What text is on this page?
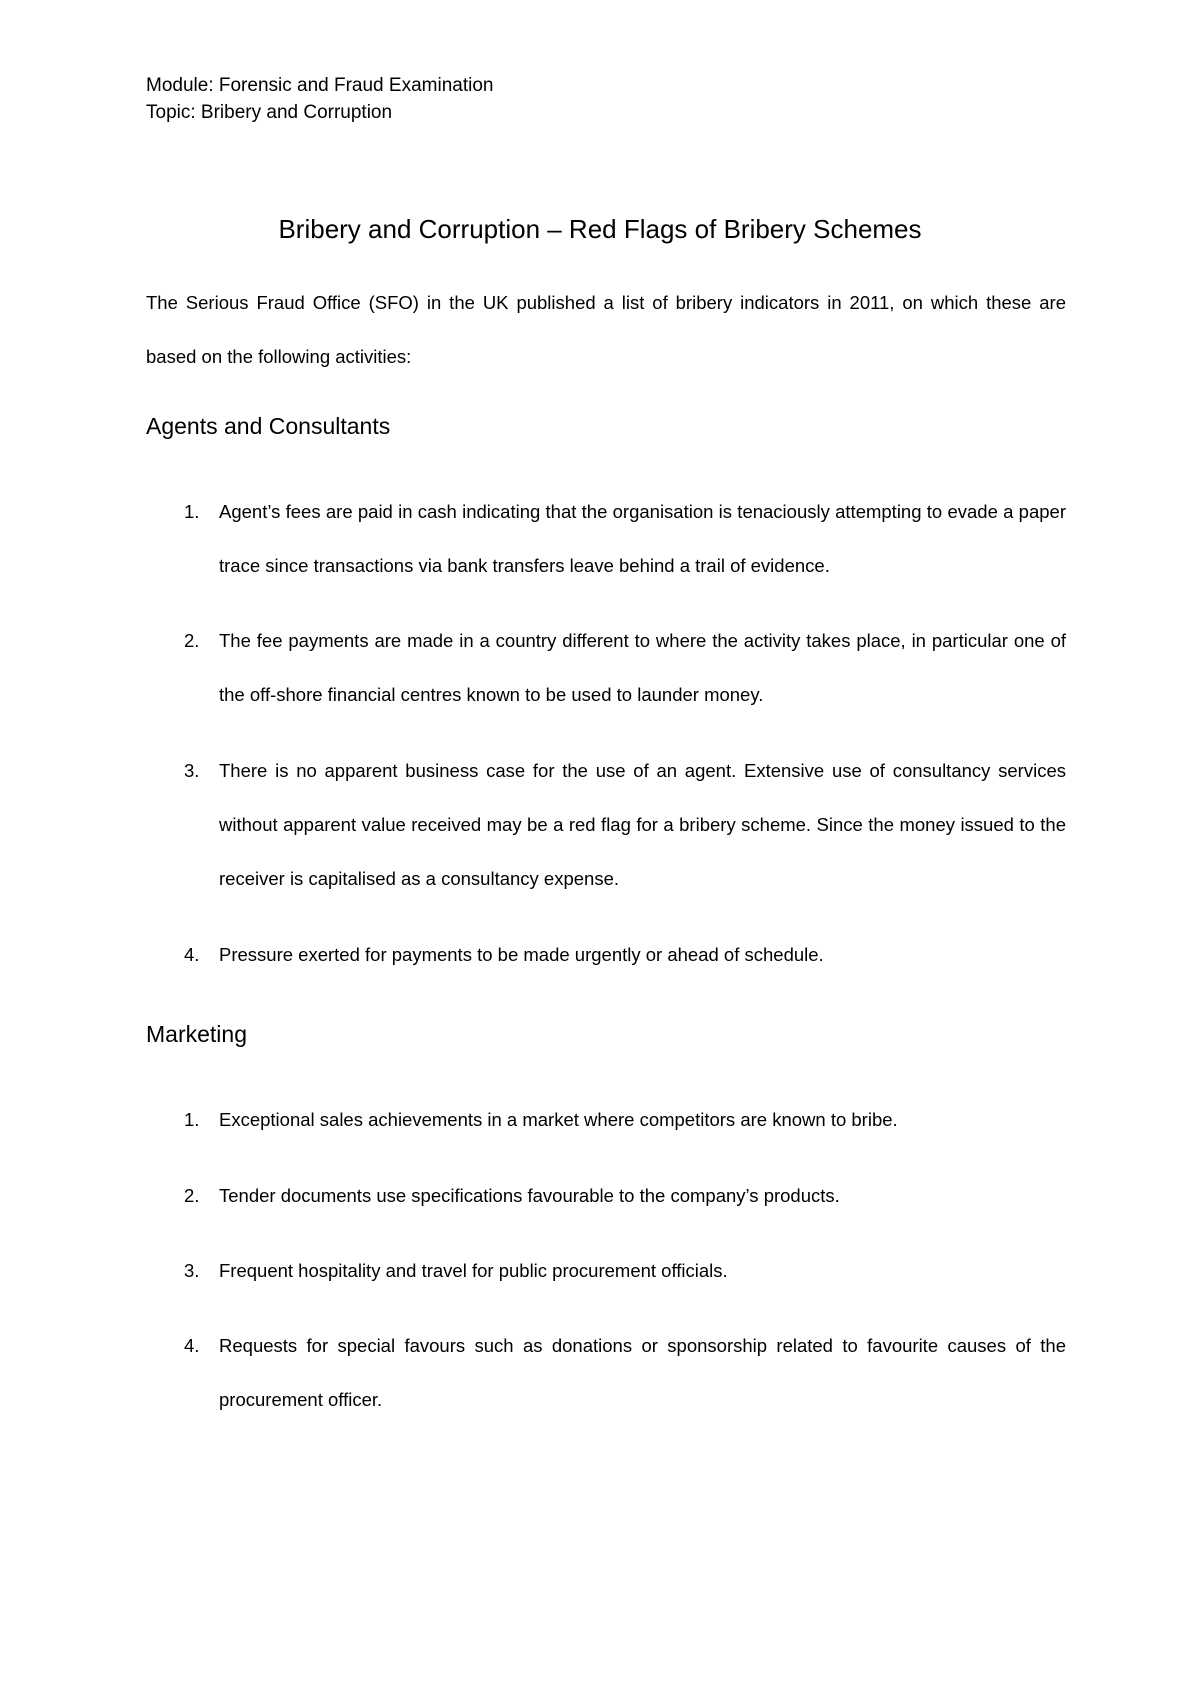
Module: Forensic and Fraud Examination
Topic: Bribery and Corruption
Bribery and Corruption – Red Flags of Bribery Schemes

The Serious Fraud Office (SFO) in the UK published a list of bribery indicators in 2011, on which these are based on the following activities:

Agents and Consultants
1.	Agent’s fees are paid in cash indicating that the organisation is tenaciously attempting to evade a paper trace since transactions via bank transfers leave behind a trail of evidence.
2.	The fee payments are made in a country different to where the activity takes place, in particular one of the off-shore financial centres known to be used to launder money.
3.	There is no apparent business case for the use of an agent. Extensive use of consultancy services without apparent value received may be a red flag for a bribery scheme. Since the money issued to the receiver is capitalised as a consultancy expense.
4.	Pressure exerted for payments to be made urgently or ahead of schedule.
Marketing
1.	Exceptional sales achievements in a market where competitors are known to bribe.
2.	Tender documents use specifications favourable to the company’s products.
3.	Frequent hospitality and travel for public procurement officials.
4.	Requests for special favours such as donations or sponsorship related to favourite causes of the procurement officer.
